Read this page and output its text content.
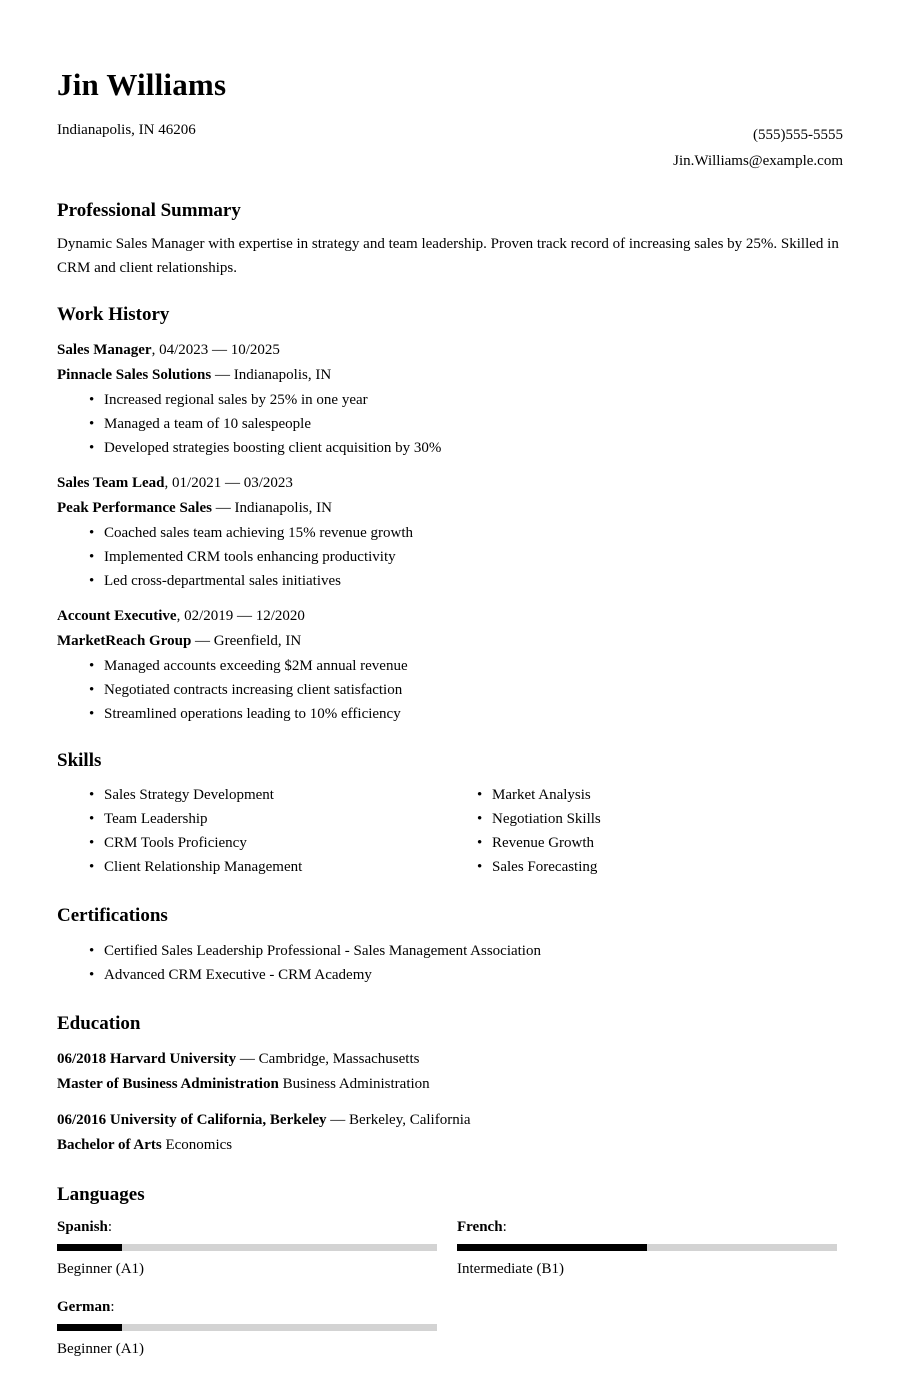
Jin Williams
Indianapolis, IN 46206	(555)555-5555
Jin.Williams@example.com
Professional Summary

Dynamic Sales Manager with expertise in strategy and team leadership. Proven track record of increasing sales by 25%. Skilled in CRM and client relationships.

Work History
Sales Manager, 04/2023 — 10/2025
Pinnacle Sales Solutions — Indianapolis, IN
• Increased regional sales by 25% in one year
• Managed a team of 10 salespeople
• Developed strategies boosting client acquisition by 30%
Sales Team Lead, 01/2021 — 03/2023
Peak Performance Sales — Indianapolis, IN
• Coached sales team achieving 15% revenue growth
• Implemented CRM tools enhancing productivity
• Led cross-departmental sales initiatives
Account Executive, 02/2019 — 12/2020
MarketReach Group — Greenfield, IN
• Managed accounts exceeding $2M annual revenue
• Negotiated contracts increasing client satisfaction
• Streamlined operations leading to 10% efficiency
Skills
• Sales Strategy Development
• Team Leadership
• CRM Tools Proficiency
• Client Relationship Management
• Market Analysis
• Negotiation Skills
• Revenue Growth
• Sales Forecasting
Certifications
• Certified Sales Leadership Professional - Sales Management Association
• Advanced CRM Executive - CRM Academy
Education
06/2018 Harvard University — Cambridge, Massachusetts
Master of Business Administration Business Administration
06/2016 University of California, Berkeley — Berkeley, California
Bachelor of Arts Economics
Languages
Spanish:
Beginner (A1)
French:
Intermediate (B1)
German:
Beginner (A1)
